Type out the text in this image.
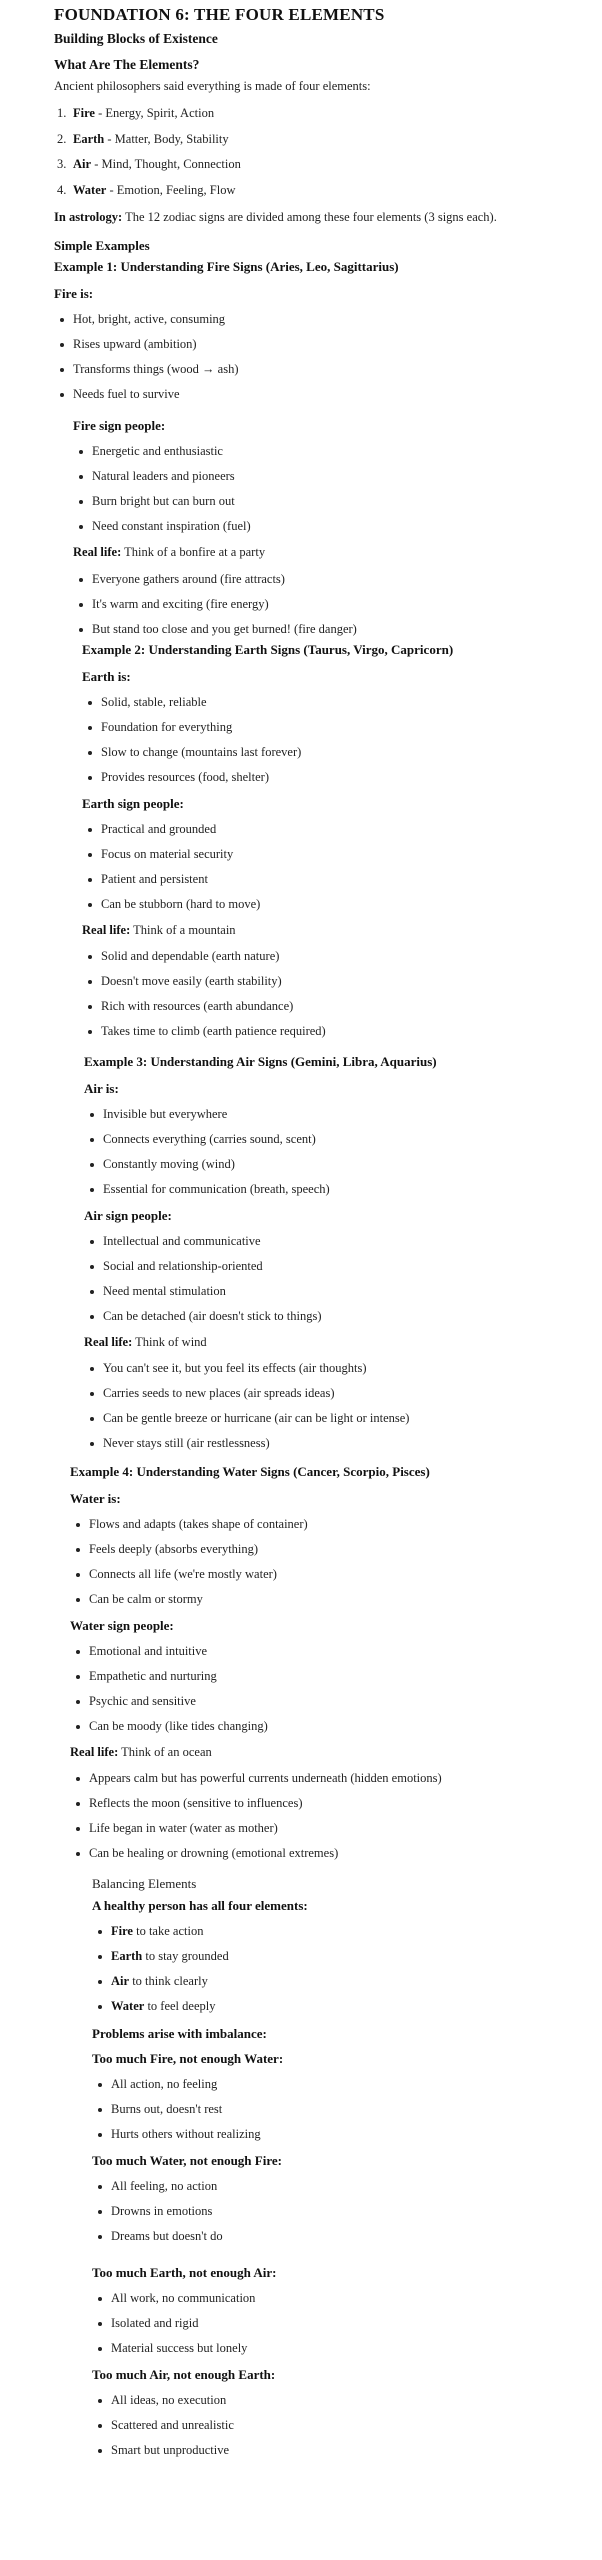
FOUNDATION 6: THE FOUR ELEMENTS
Building Blocks of Existence
What Are The Elements?
Ancient philosophers said everything is made of four elements:
1. Fire - Energy, Spirit, Action
2. Earth - Matter, Body, Stability
3. Air - Mind, Thought, Connection
4. Water - Emotion, Feeling, Flow
In astrology: The 12 zodiac signs are divided among these four elements (3 signs each).
Simple Examples
Example 1: Understanding Fire Signs (Aries, Leo, Sagittarius)
Fire is:
Hot, bright, active, consuming
Rises upward (ambition)
Transforms things (wood → ash)
Needs fuel to survive
Fire sign people:
Energetic and enthusiastic
Natural leaders and pioneers
Burn bright but can burn out
Need constant inspiration (fuel)
Real life: Think of a bonfire at a party
Everyone gathers around (fire attracts)
It's warm and exciting (fire energy)
But stand too close and you get burned! (fire danger)
Example 2: Understanding Earth Signs (Taurus, Virgo, Capricorn)
Earth is:
Solid, stable, reliable
Foundation for everything
Slow to change (mountains last forever)
Provides resources (food, shelter)
Earth sign people:
Practical and grounded
Focus on material security
Patient and persistent
Can be stubborn (hard to move)
Real life: Think of a mountain
Solid and dependable (earth nature)
Doesn't move easily (earth stability)
Rich with resources (earth abundance)
Takes time to climb (earth patience required)
Example 3: Understanding Air Signs (Gemini, Libra, Aquarius)
Air is:
Invisible but everywhere
Connects everything (carries sound, scent)
Constantly moving (wind)
Essential for communication (breath, speech)
Air sign people:
Intellectual and communicative
Social and relationship-oriented
Need mental stimulation
Can be detached (air doesn't stick to things)
Real life: Think of wind
You can't see it, but you feel its effects (air thoughts)
Carries seeds to new places (air spreads ideas)
Can be gentle breeze or hurricane (air can be light or intense)
Never stays still (air restlessness)
Example 4: Understanding Water Signs (Cancer, Scorpio, Pisces)
Water is:
Flows and adapts (takes shape of container)
Feels deeply (absorbs everything)
Connects all life (we're mostly water)
Can be calm or stormy
Water sign people:
Emotional and intuitive
Empathetic and nurturing
Psychic and sensitive
Can be moody (like tides changing)
Real life: Think of an ocean
Appears calm but has powerful currents underneath (hidden emotions)
Reflects the moon (sensitive to influences)
Life began in water (water as mother)
Can be healing or drowning (emotional extremes)
Balancing Elements
A healthy person has all four elements:
Fire to take action
Earth to stay grounded
Air to think clearly
Water to feel deeply
Problems arise with imbalance:
Too much Fire, not enough Water:
All action, no feeling
Burns out, doesn't rest
Hurts others without realizing
Too much Water, not enough Fire:
All feeling, no action
Drowns in emotions
Dreams but doesn't do
Too much Earth, not enough Air:
All work, no communication
Isolated and rigid
Material success but lonely
Too much Air, not enough Earth:
All ideas, no execution
Scattered and unrealistic
Smart but unproductive
